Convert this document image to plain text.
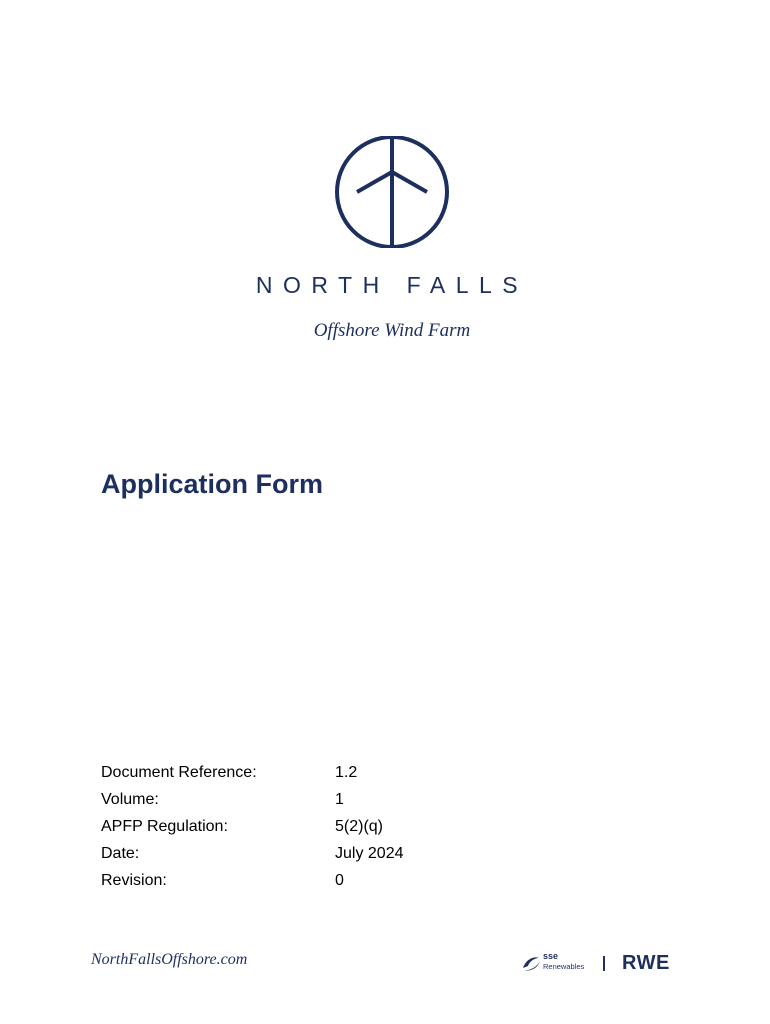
NORTH FALLS
Offshore Wind Farm
Application Form
Document Reference:	1.2
Volume:	1
APFP Regulation:	5(2)(q)
Date:	July 2024
Revision:	0
NorthFallsOffshore.com	sse
Renewables RWE
